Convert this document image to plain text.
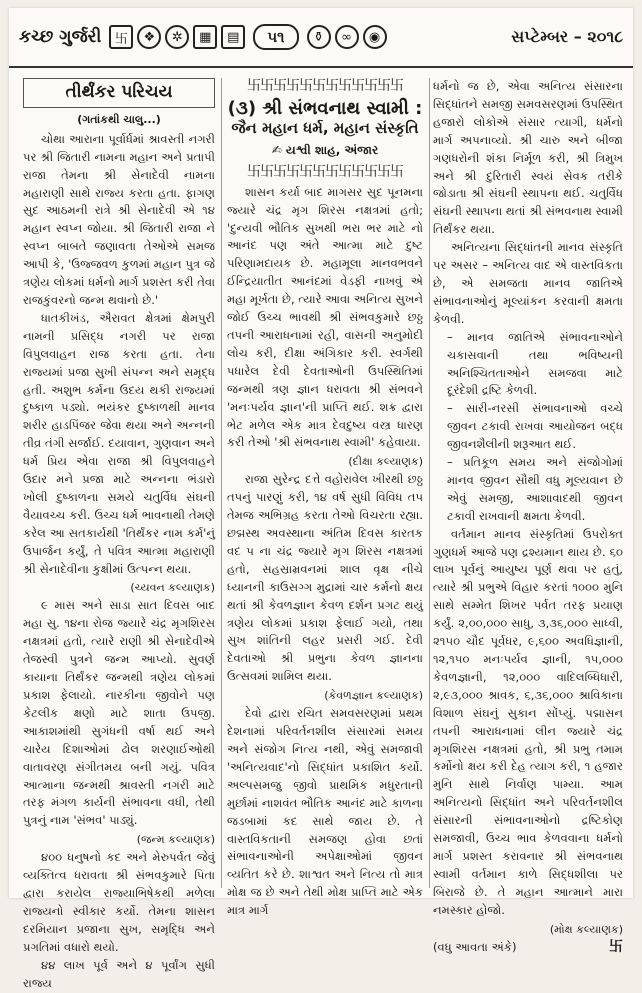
કચ્છ ગુર્જરી	卐	❖	✲	▦	▤	૫૧	⚱	∞	◉	સપ્ટેમ્બર – ૨૦૧૮
તીર્થંકર પરિચય
(ગતાંકથી ચાલુ...)

ચોથા આરાના પૂર્વાર્ધમાં શ્રાવસ્તી નગરી પર શ્રી જિતારી નામના મહાન અને પ્રતાપી રાજા તેમના શ્રી સેનાદેવી નામના મહારાણી સાથે રાજ્ય કરતા હતા. ફાગણ સુદ આઠમની રાત્રે શ્રી સેનાદેવી એ ૧૪ મહાન સ્વપ્ન જોયા. શ્રી જિતારી રાજા ને સ્વપ્ન બાબતે જણાવતા તેઓએ સમજ આપી કે, 'ઉજ્જવળ કુળમાં મહાન પુત્ર જે ત્રણેય લોકમાં ધર્મનો માર્ગ પ્રશસ્ત કરી તેવા રાજકુંવરનો જન્મ થવાનો છે.'

ધાતકીખંડ, ઐરાવત ક્ષેત્રમાં ક્ષેમપુરી નામની પ્રસિદ્ધ નગરી પર રાજા વિપુલવાહન રાજ કરતા હતા. તેના રાજ્યમાં પ્રજા સુખી સંપન્ન અને સમૃદ્ધ હતી. અશુભ કર્મના ઉદય થકી રાજ્યમાં દુષ્કાળ પડ્યો. ભયંકર દુષ્કાળથી માનવ શરીર હાડપિંજર જેવા થયા અને અન્નની તીવ્ર તંગી સર્જાઈ. દયાવાન, ગુણવાન અને ધર્મ પ્રિય એવા રાજા શ્રી વિપુલવાહને ઉદાર મને પ્રજા માટે અન્નના ભંડારો ખોલી દુષ્કાળના સમયે ચતુર્વિધ સંઘની વૈયાવચ્ચ કરી. ઉચ્ચ ધર્મ ભાવનાથી તેમણે કરેલ આ સતકાર્યથી 'તિર્થંકર નામ કર્મ'નું ઉપાર્જન કર્યું, તે પવિત્ર આત્મા મહારાણી શ્રી સેનાદેવીના કુક્ષીમાં ઉત્પન્ન થયા.

(ચ્યવન કલ્યાણક)

૯ માસ અને સાડા સાત દિવસ બાદ મહા સુ. ૧૪ના રોજ જ્યારે ચંદ્ર મૃગશિરસ નક્ષત્રમાં હતો, ત્યારે રાણી શ્રી સેનાદેવીએ તેજસ્વી પુત્રને જન્મ આપ્યો. સુવર્ણ કાયાના તિર્થંકર જન્મથી ત્રણેય લોકમાં પ્રકાશ ફેલાયો. નારકીના જીવોને પણ કેટલીક ક્ષણો માટે શાતા ઉપજી. આકાશમાંથી સુગંધની વર્ષા થઈ અને ચારેય દિશાઓમાં ઢોલ શરણાઈઓથી વાતાવરણ સંગીતમય બની ગયું. પવિત્ર આત્માના જન્મથી શ્રાવસ્તી નગરી માટે તરફ મંગળ કાર્યની સંભાવના વધી, તેથી પુત્રનું નામ 'સંભવ' પાડ્યું.

(જન્મ કલ્યાણક)

૪૦૦ ધનુષનો કદ અને મેરુપર્વત જેવું વ્યક્તિત્વ ધરાવતા શ્રી સંભવકુમારે પિતા દ્વારા કરાયેલ રાજ્યાભિષેકથી મળેલા રાજ્યનો સ્વીકાર કર્યો. તેમના શાસન દરમિયાન પ્રજાના સુખ, સમૃદ્ધિ અને પ્રગતિમાં વધારો થયો.

૪૪ લાખ પૂર્વ અને ૪ પૂર્વાંગ સુધી રાજ્ય

卐卐卐卐卐卐卐卐卐卐卐卐
(૩) શ્રી સંભવનાથ સ્વામી :
જૈન મહાન ધર્મ, મહાન સંસ્કૃતિ
✍ યશ્વી શાહ, અંજાર
卐卐卐卐卐卐卐卐卐卐卐卐

શાસન કર્યા બાદ માગસર સુદ પૂનમના જ્યારે ચંદ્ર મૃગ શિરસ નક્ષત્રમાં હતો; 'દુન્યવી ભૌતિક સુખથી ભરા ભર માટે નો આનંદ પણ અંતે આત્મા માટે દુષ્ટ પરિણામદાયક છે. મહામૂલા માનવભવને ઈન્દ્રિયાતીત આનંદમાં વેડફી નાખવું એ મહા મૂર્ખતા છે, ત્યારે આવા અનિત્ય સુખને જોઈ ઉચ્ચ ભાવથી શ્રી સંભવકુમારે છઠ્ઠ તપની આરાધનામાં રહી, વાસની અનુમોદી લોચ કરી, દીક્ષા અંગિકાર કરી. સ્વર્ગથી પધારેલ દેવી દેવતાઓની ઉપસ્થિતિમાં જન્મથી ત્રણ જ્ઞાન ધરાવતા શ્રી સંભવને 'મનઃપર્યવ જ્ઞાન'ની પ્રાપ્તિ થઈ. શક્ર દ્વારા ભેટ મળેલ એક માત્ર દેવદુષ્ય વસ્ત્ર ધારણ કરી તેઓ 'શ્રી સંભવનાથ સ્વામી' કહેવાયા.

(દીક્ષા કલ્યાણક)

રાજા સુરેન્દ્ર દત્તે વહોરાવેલ ખીરથી છઠ્ઠ તપનું પારણું કરી, ૧૪ વર્ષ સુધી વિવિધ તપ તેમજ અભિગ્રહ કરતા તેઓ વિચરતા રહ્યા. છદ્મસ્થ અવસ્થાના અંતિમ દિવસ કારતક વદ પ ના ચંદ્ર જ્યારે મૃગ શિરસ નક્ષત્રમાં હતો, સહસ્રામ્રવનમાં શાલ વૃક્ષ નીચે ધ્યાનની કાઉસગ્ગ મુદ્રામાં ચાર કર્મનો ક્ષય થતાં શ્રી કેવળજ્ઞાન કેવળ દર્શન પ્રગટ થયું ત્રણેય લોકમાં પ્રકાશ ફેલાઈ ગયો, તથા સુખ શાંતિની લહર પ્રસરી ગઈ. દેવી દેવતાઓ શ્રી પ્રભુના કેવળ જ્ઞાનના ઉત્સવમાં શામિલ થયા.

(કેવળજ્ઞાન કલ્યાણક)

દેવો દ્વારા રચિત સમવસરણમાં પ્રથમ દેશનામાં પરિવર્તનશીલ સંસારમાં સમય અને સંજોગ નિત્ય નથી, એવું સમજાવી 'અનિત્યવાદ'નો સિદ્ધાંત પ્રકાશિત કર્યો. અલ્પસમજુ જીવો પ્રાથમિક મધુરતાની મુર્છામાં નાશવંત ભૌતિક આનંદ માટે કાળના જડબામાં કદ સાથે જાય છે. તે વાસ્તવિકતાની સમજણ હોવા છતાં સંભાવનાઓની અપેક્ષાઓમાં જીવન વ્યતિત કરે છે. શાશ્વત અને નિત્ય તો માત્ર મોક્ષ જ છે અને તેથી મોક્ષ પ્રાપ્તિ માટે એક માત્ર માર્ગ

ધર્મનો જ છે, એવા અનિત્ય સંસારના સિદ્ધાંતને સમજી સમવસરણમાં ઉપસ્થિત હજારો લોકોએ સંસાર ત્યાગી, ધર્મનો માર્ગ અપનાવ્યો. શ્રી ચારુ અને બીજા ગણધરોની શંકા નિર્મૂળ કરી, શ્રી ત્રિમુખ અને શ્રી દુરિતારી સ્વયં સેવક તરીકે જોડાતા શ્રી સંઘની સ્થાપના થઈ. ચતુર્વિધ સંઘની સ્થાપના થતાં શ્રી સંભવનાથ સ્વામી તિર્થંકર થયા.

અનિત્યના સિદ્ધાંતની માનવ સંસ્કૃતિ પર અસર – અનિત્ય વાદ એ વાસ્તવિકતા છે, એ સમજતા માનવ જાતિએ સંભાવનાઓનું મૂલ્યાંકન કરવાની ક્ષમતા કેળવી.

– માનવ જાતિએ સંભાવનાઓને ચકાસવાની તથા ભવિષ્યની અનિશ્ચિતતાઓને સમજવા માટે દૂરંદેશી દ્રષ્ટિ કેળવી.

– સારી-નરસી સંભાવનાઓ વચ્ચે જીવન ટકાવી રાખવા આયોજન બદ્ધ જીવનશૈલીની શરૂઆત થઈ.

– પ્રતિકૂળ સમય અને સંજોગોમાં માનવ જીવન સૌથી વધુ મૂલ્યવાન છે એવું સમજી, આશાવાદથી જીવન ટકાવી રાખવાની ક્ષમતા કેળવી.

વર્તમાન માનવ સંસ્કૃતિમાં ઉપરોક્ત ગુણધર્મ આજે પણ દ્રશ્યમાન થાય છે. ૬૦ લાખ પૂર્વનું આયુષ્ય પૂર્ણ થવા પર હતું, ત્યારે શ્રી પ્રભુએ વિહાર કરતાં ૧૦૦૦ મુનિ સાથે સમ્મેત શિખર પર્વત તરફ પ્રયાણ કર્યું. ૨,૦૦,૦૦૦ સાધુ, ૩,૩૬,૦૦૦ સાધ્વી, ૨૧૫૦ ચૌદ પૂર્વધર, ૯,૬૦૦ અવધિજ્ઞાની, ૧૨,૧૫૦ મનઃપર્યવ જ્ઞાની, ૧૫,૦૦૦ કેવળજ્ઞાની, ૧૨,૦૦૦ વાદિલબ્ધિધારી, ૨,૯૩,૦૦૦ શ્રાવક, ૬,૩૬,૦૦૦ શ્રાવિકાના વિશાળ સંઘનું સુકાન સોંપ્યું. પદ્માસન તપની આરાધનામાં લીન જ્યારે ચંદ્ર મૃગશિરસ નક્ષત્રમાં હતો, શ્રી પ્રભુ તમામ કર્મોનો ક્ષય કરી દેહ ત્યાગ કરી, ૧ હજાર મુનિ સાથે નિર્વાણ પામ્યા. આમ અનિત્યનો સિદ્ધાંત અને પરિવર્તનશીલ સંસારની સંભાવનાઓનો દ્રષ્ટિકોણ સમજાવી, ઉચ્ચ ભાવ કેળવવાના ધર્મનો માર્ગ પ્રશસ્ત કરાવનાર શ્રી સંભવનાથ સ્વામી વર્તમાન કાળે સિદ્ધશીલા પર બિરાજે છે. તે મહાન આત્માને મારા નમસ્કાર હોજો.

(મોક્ષ કલ્યાણક)

(વધુ આવતા અંકે)	卐
